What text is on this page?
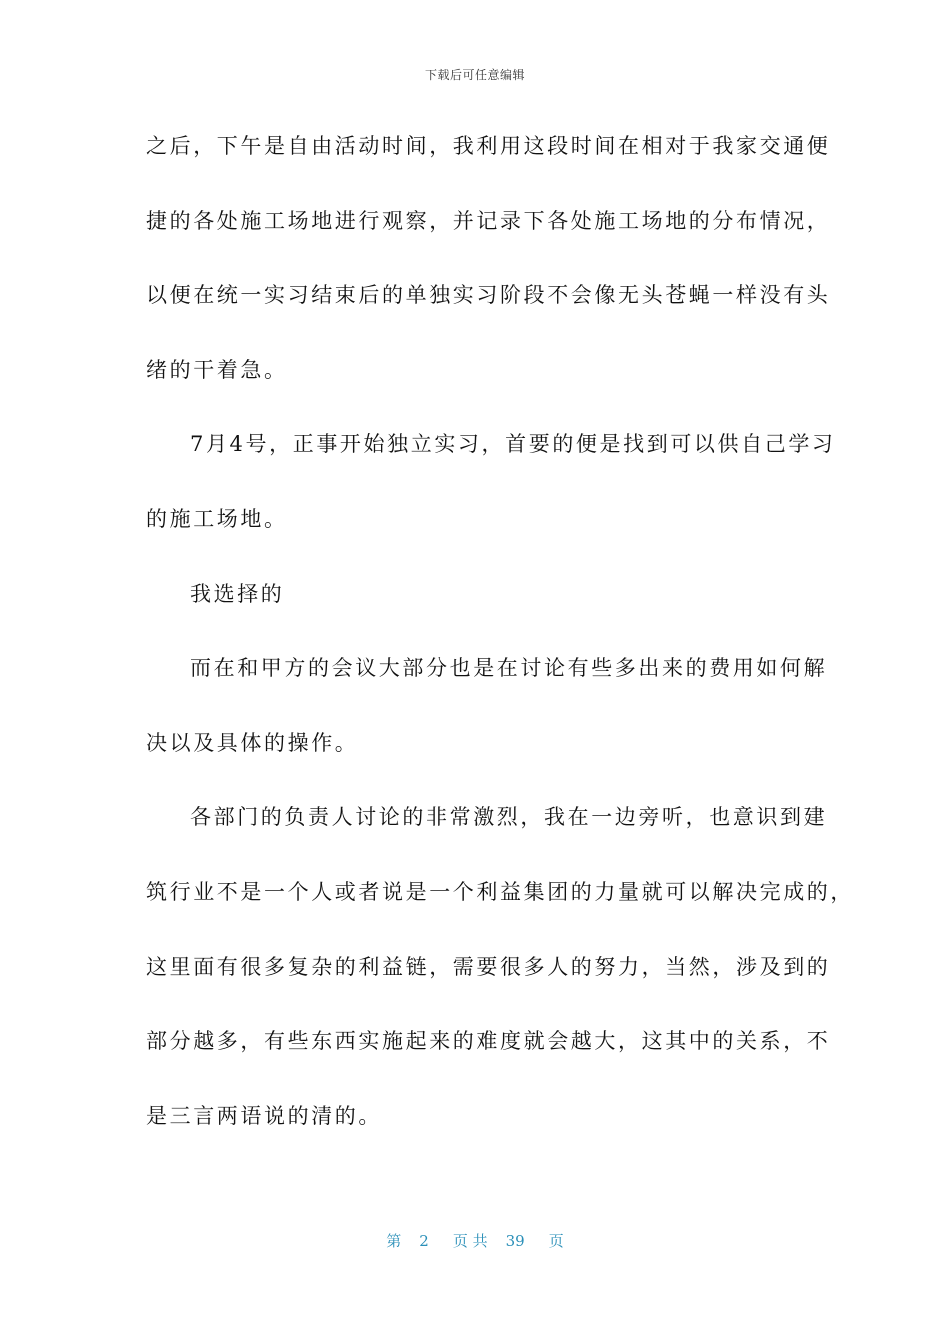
下载后可任意编辑
之后，下午是自由活动时间，我利用这段时间在相对于我家交通便
捷的各处施工场地进行观察，并记录下各处施工场地的分布情况，
以便在统一实习结束后的单独实习阶段不会像无头苍蝇一样没有头
绪的干着急。
7月4号，正事开始独立实习，首要的便是找到可以供自己学习
的施工场地。
我选择的
而在和甲方的会议大部分也是在讨论有些多出来的费用如何解
决以及具体的操作。
各部门的负责人讨论的非常激烈，我在一边旁听，也意识到建
筑行业不是一个人或者说是一个利益集团的力量就可以解决完成的，
这里面有很多复杂的利益链，需要很多人的努力，当然，涉及到的
部分越多，有些东西实施起来的难度就会越大，这其中的关系，不
是三言两语说的清的。
第 2 页 共 39 页
